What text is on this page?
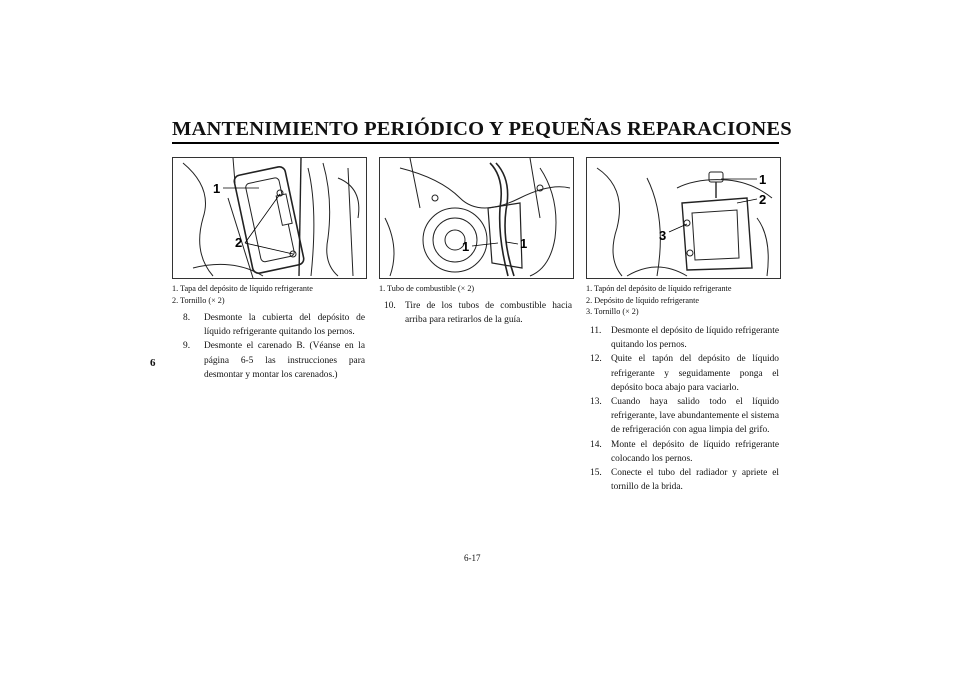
MANTENIMIENTO PERIÓDICO Y PEQUEÑAS REPARACIONES
6
1
2	1	1
1
2
3
1. Tapa del depósito de líquido refrigerante
2. Tornillo (× 2)
1. Tubo de combustible (× 2)	1. Tapón del depósito de líquido refrigerante
2. Depósito de líquido refrigerante
3. Tornillo (× 2)
8. Desmonte la cubierta del depósito de líquido refrigerante quitando los pernos.
9. Desmonte el carenado B. (Véanse en la página 6-5 las instrucciones para desmontar y montar los carenados.)
10. Tire de los tubos de combustible hacia arriba para retirarlos de la guía.
11. Desmonte el depósito de líquido refrigerante quitando los pernos.
12. Quite el tapón del depósito de líquido refrigerante y seguidamente ponga el depósito boca abajo para vaciarlo.
13. Cuando haya salido todo el líquido refrigerante, lave abundantemente el sistema de refrigeración con agua limpia del grifo.
14. Monte el depósito de líquido refrigerante colocando los pernos.
15. Conecte el tubo del radiador y apriete el tornillo de la brida.
6-17
